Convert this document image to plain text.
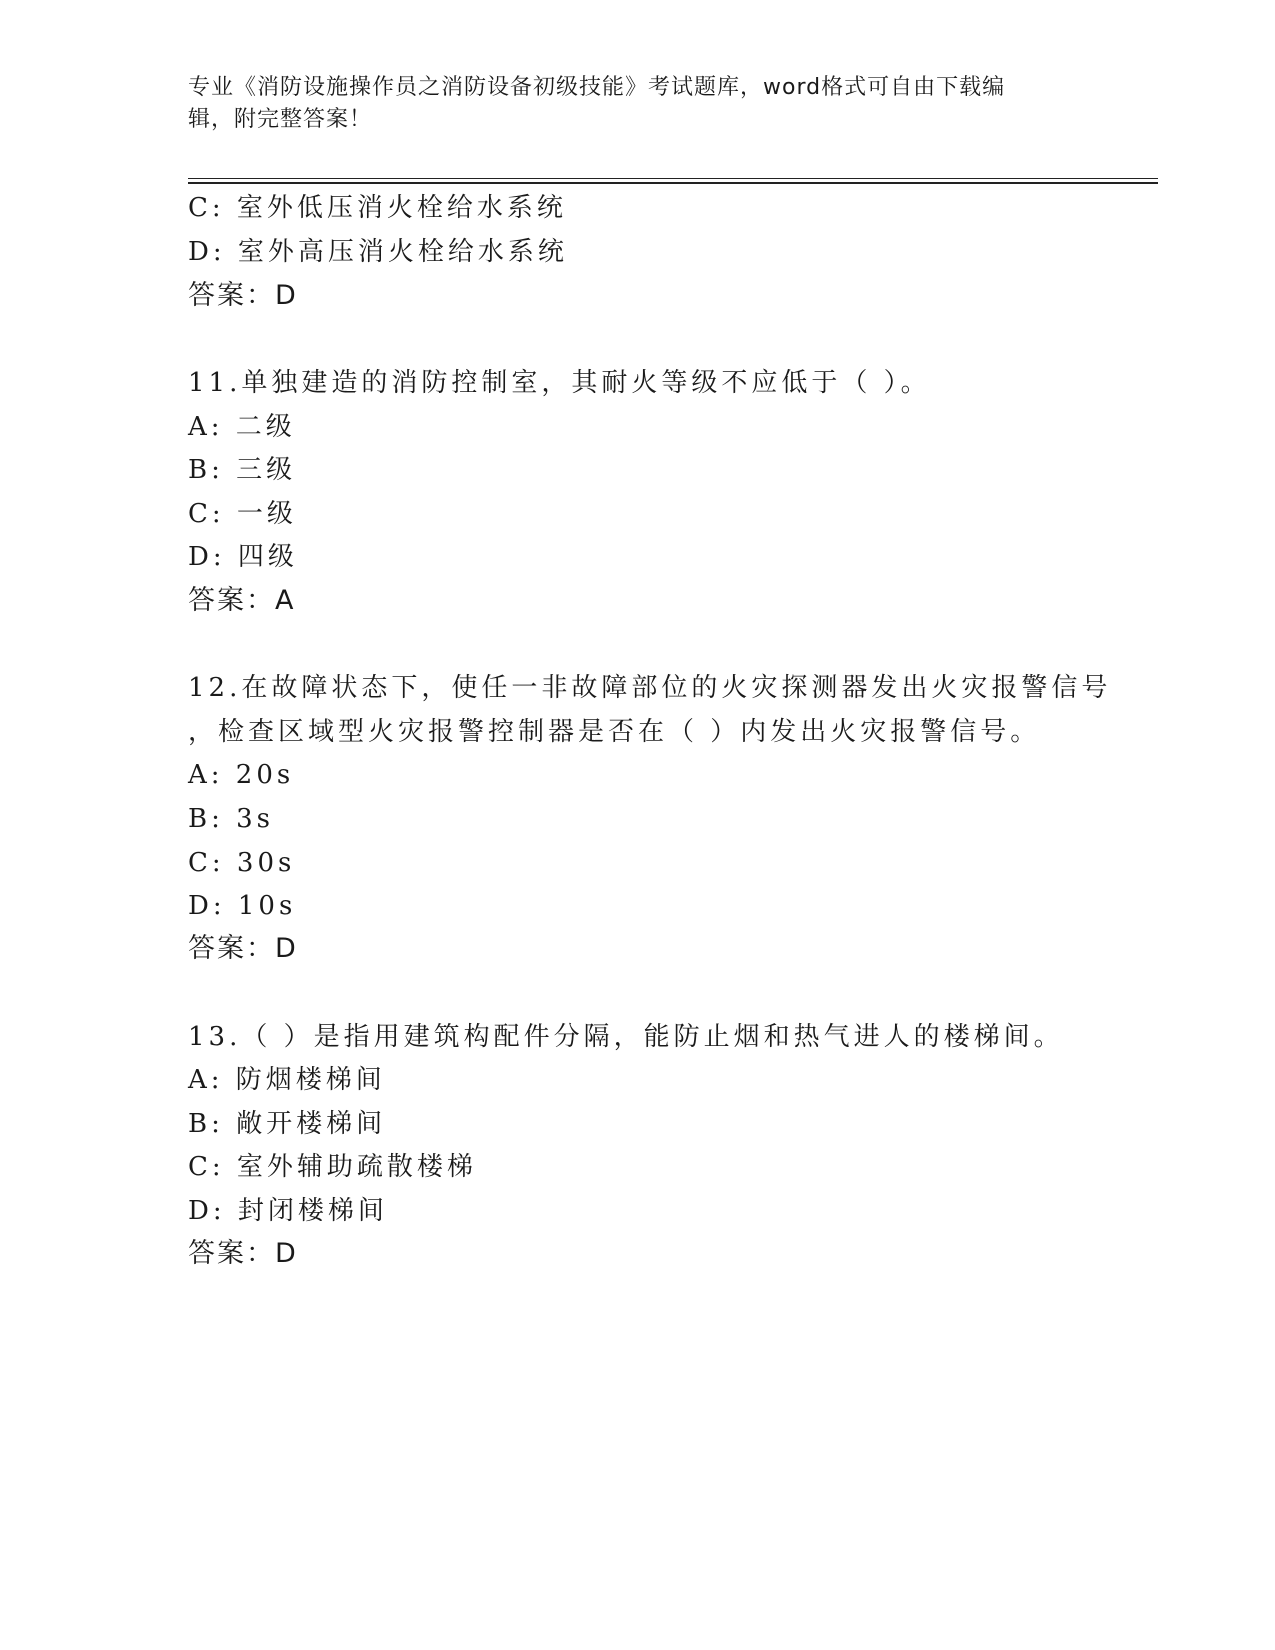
专业《消防设施操作员之消防设备初级技能》考试题库，word格式可自由下载编
辑，附完整答案！
C: 室外低压消火栓给水系统
D: 室外高压消火栓给水系统
答案：D
11.单独建造的消防控制室，其耐火等级不应低于（ ）。
A: 二级
B: 三级
C: 一级
D: 四级
答案：A
12.在故障状态下，使任一非故障部位的火灾探测器发出火灾报警信号
，检查区域型火灾报警控制器是否在（ ）内发出火灾报警信号。
A: 20s
B: 3s
C: 30s
D: 10s
答案：D
13.（ ）是指用建筑构配件分隔，能防止烟和热气进人的楼梯间。
A: 防烟楼梯间
B: 敞开楼梯间
C: 室外辅助疏散楼梯
D: 封闭楼梯间
答案：D
